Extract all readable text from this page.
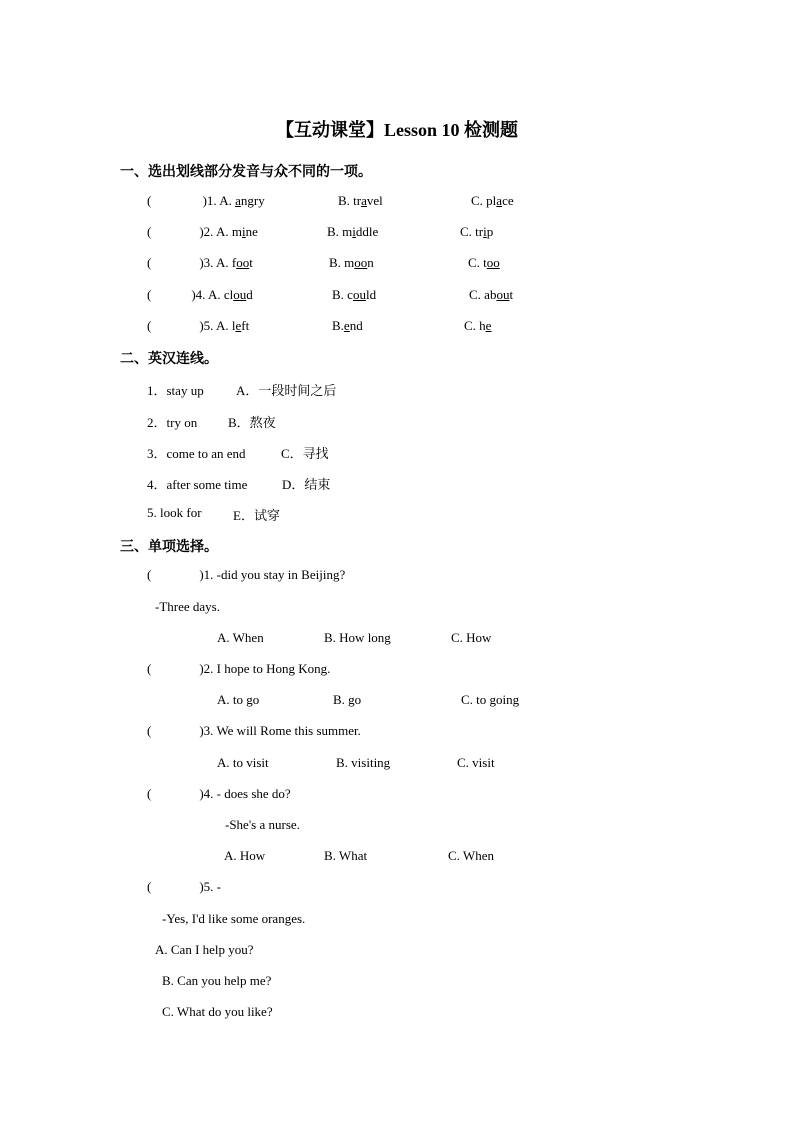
【互动课堂】Lesson 10 检测题
一、选出划线部分发音与众不同的一项。
(	)1. A. angry	B. travel	C. place
(	)2. A. mine	B. middle	C. trip
(	)3. A. foot	B. moon	C. too
(	)4. A. cloud	B. could	C. about
(	)5. A. left	B.end	C. he
二、英汉连线。
1．stay up A．一段时间之后
2．try on B．熬夜
3．come to an end	C．寻找
4．after some time	D．结束
5. look for E．试穿
三、单项选择。
(	)1. -did you stay in Beijing?
-Three days.
A. When	B. How long	C. How
(	)2. I hope to Hong Kong.
A. to go	B. go	C. to going
(	)3. We will Rome this summer.
A. to visit	B. visiting	C. visit
(	)4. - does she do?
-She's a nurse.
A. How	B. What	C. When
(	)5. -
-Yes, I'd like some oranges.
A. Can I help you?
B. Can you help me?
C. What do you like?
